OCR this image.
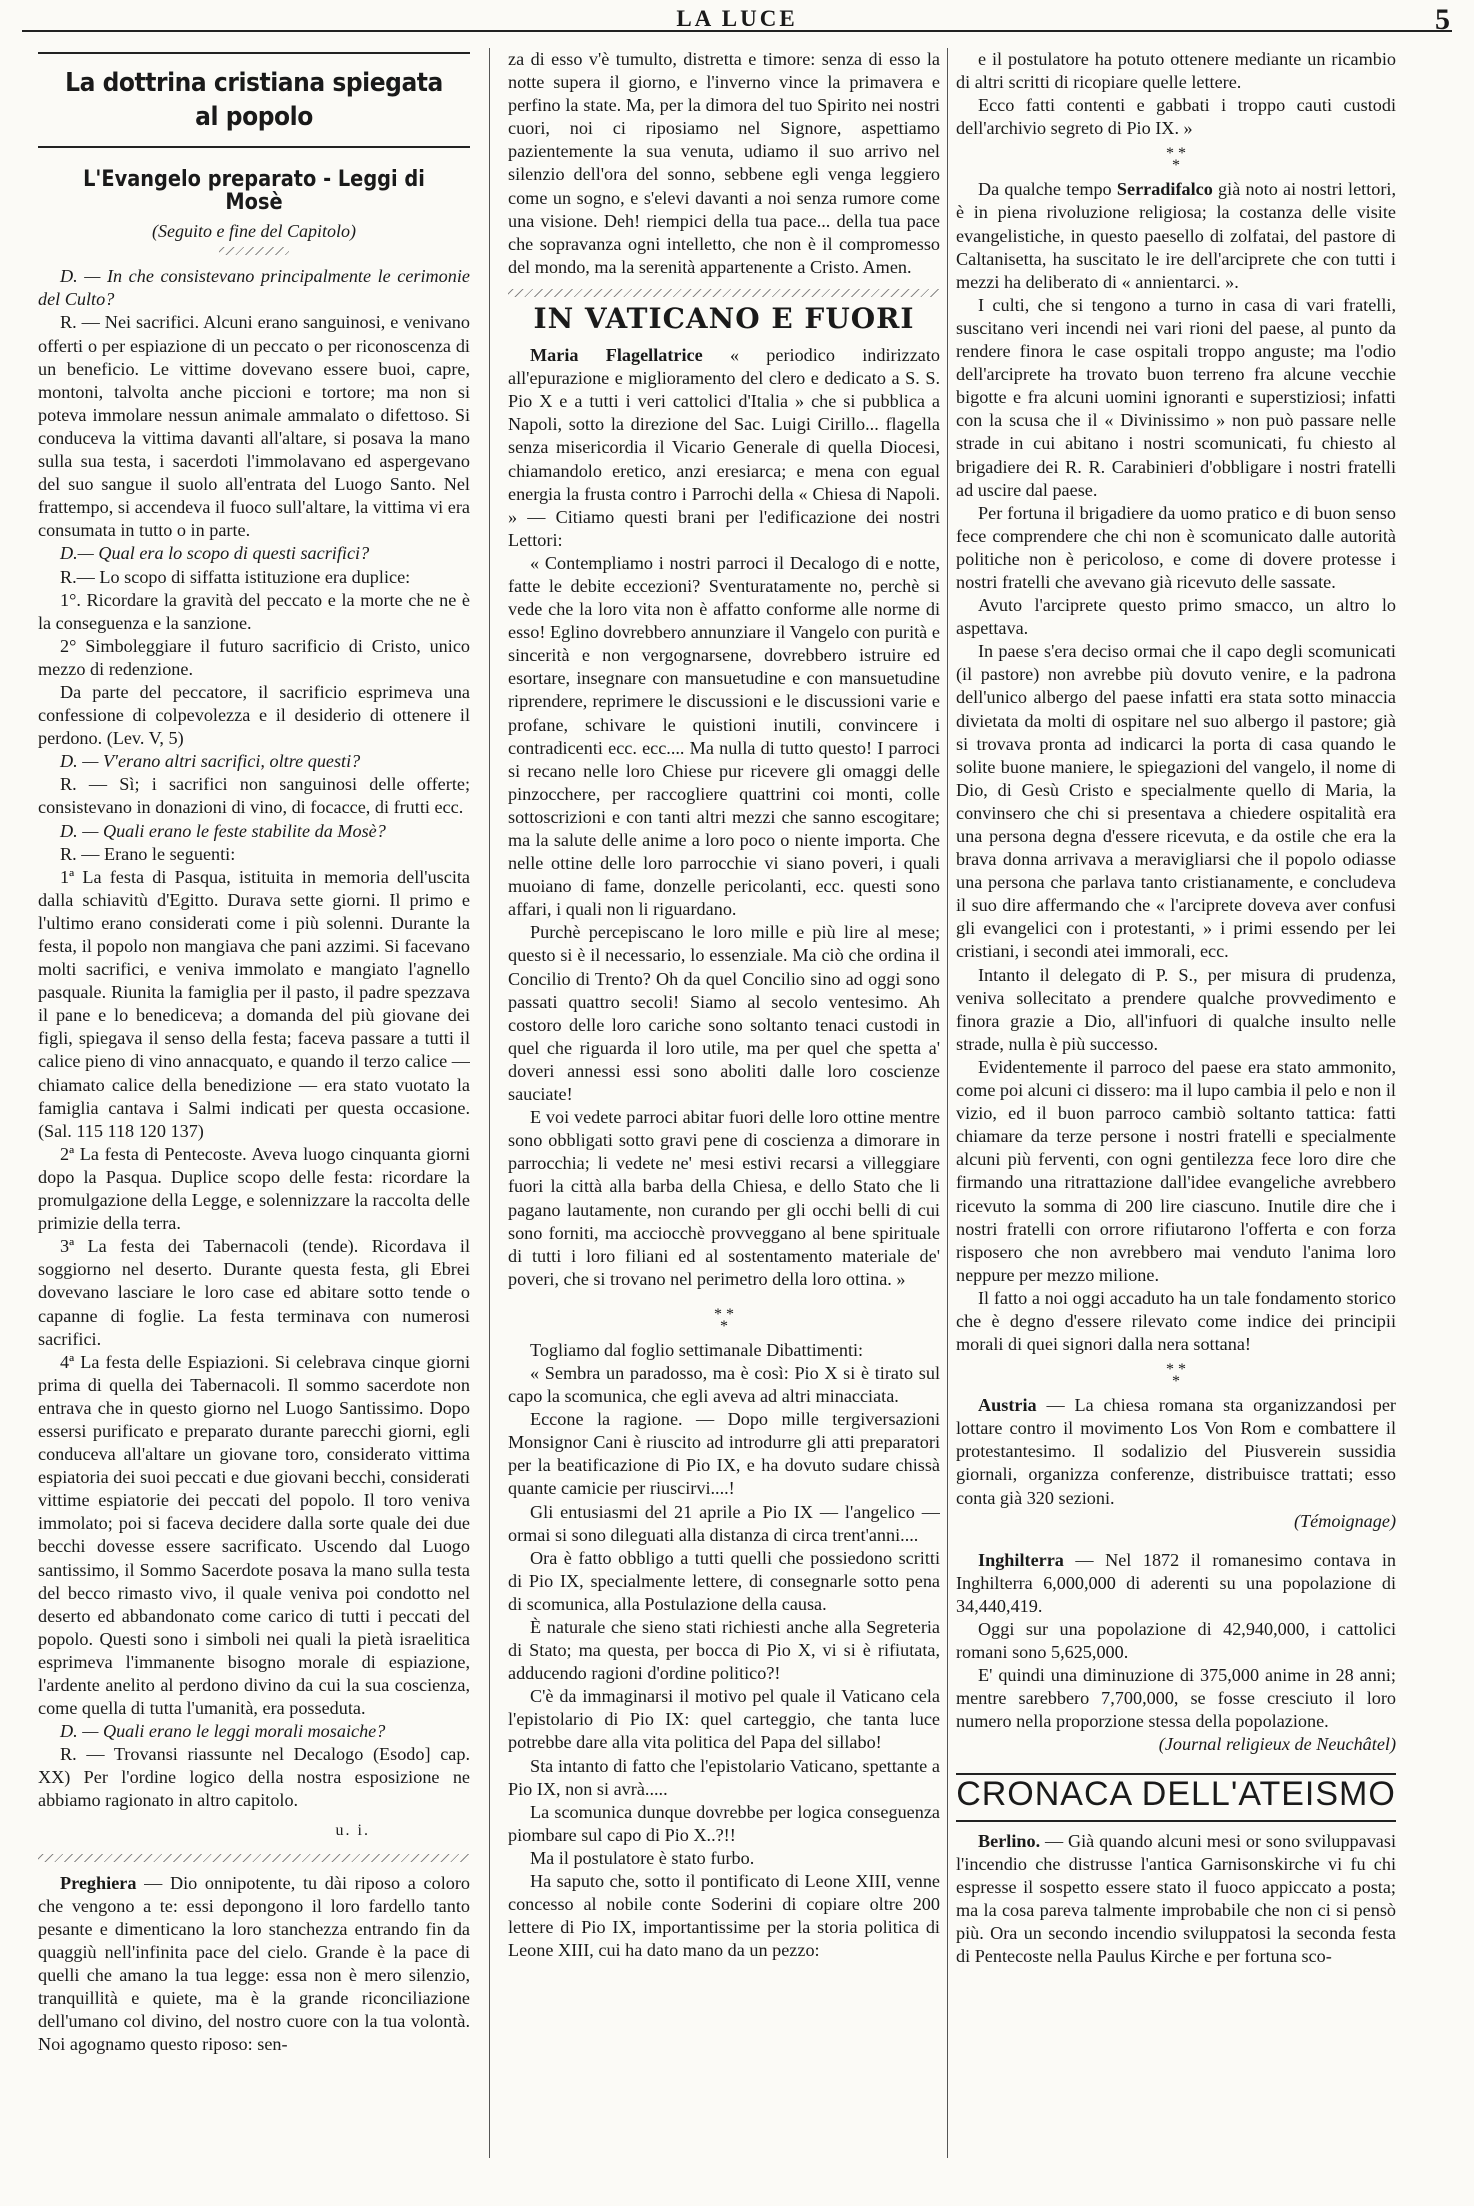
LA LUCE	5
La dottrina cristiana spiegata al popolo
L'Evangelo preparato - Leggi di Mosè
(Seguito e fine del Capitolo)

D. — In che consistevano principalmente le cerimonie del Culto?

R. — Nei sacrifici. Alcuni erano sanguinosi, e venivano offerti o per espiazione di un peccato o per riconoscenza di un beneficio. Le vittime dovevano essere buoi, capre, montoni, talvolta anche piccioni e tortore; ma non si poteva immolare nessun animale ammalato o difettoso. Si conduceva la vittima davanti all'altare, si posava la mano sulla sua testa, i sacerdoti l'immolavano ed aspergevano del suo sangue il suolo all'entrata del Luogo Santo. Nel frattempo, si accendeva il fuoco sull'altare, la vittima vi era consumata in tutto o in parte.

D.— Qual era lo scopo di questi sacrifici?

R.— Lo scopo di siffatta istituzione era duplice:

1°. Ricordare la gravità del peccato e la morte che ne è la conseguenza e la sanzione.

2° Simboleggiare il futuro sacrificio di Cristo, unico mezzo di redenzione.

Da parte del peccatore, il sacrificio esprimeva una confessione di colpevolezza e il desiderio di ottenere il perdono. (Lev. V, 5)

D. — V'erano altri sacrifici, oltre questi?

R. — Sì; i sacrifici non sanguinosi delle offerte; consistevano in donazioni di vino, di focacce, di frutti ecc.

D. — Quali erano le feste stabilite da Mosè?

R. — Erano le seguenti:

1ª La festa di Pasqua, istituita in memoria dell'uscita dalla schiavitù d'Egitto. Durava sette giorni. Il primo e l'ultimo erano considerati come i più solenni. Durante la festa, il popolo non mangiava che pani azzimi. Si facevano molti sacrifici, e veniva immolato e mangiato l'agnello pasquale. Riunita la famiglia per il pasto, il padre spezzava il pane e lo benediceva; a domanda del più giovane dei figli, spiegava il senso della festa; faceva passare a tutti il calice pieno di vino annacquato, e quando il terzo calice — chiamato calice della benedizione — era stato vuotato la famiglia cantava i Salmi indicati per questa occasione. (Sal. 115 118 120 137)

2ª La festa di Pentecoste. Aveva luogo cinquanta giorni dopo la Pasqua. Duplice scopo delle festa: ricordare la promulgazione della Legge, e solennizzare la raccolta delle primizie della terra.

3ª La festa dei Tabernacoli (tende). Ricordava il soggiorno nel deserto. Durante questa festa, gli Ebrei dovevano lasciare le loro case ed abitare sotto tende o capanne di foglie. La festa terminava con numerosi sacrifici.

4ª La festa delle Espiazioni. Si celebrava cinque giorni prima di quella dei Tabernacoli. Il sommo sacerdote non entrava che in questo giorno nel Luogo Santissimo. Dopo essersi purificato e preparato durante parecchi giorni, egli conduceva all'altare un giovane toro, considerato vittima espiatoria dei suoi peccati e due giovani becchi, considerati vittime espiatorie dei peccati del popolo. Il toro veniva immolato; poi si faceva decidere dalla sorte quale dei due becchi dovesse essere sacrificato. Uscendo dal Luogo santissimo, il Sommo Sacerdote posava la mano sulla testa del becco rimasto vivo, il quale veniva poi condotto nel deserto ed abbandonato come carico di tutti i peccati del popolo. Questi sono i simboli nei quali la pietà israelitica esprimeva l'immanente bisogno morale di espiazione, l'ardente anelito al perdono divino da cui la sua coscienza, come quella di tutta l'umanità, era posseduta.

D. — Quali erano le leggi morali mosaiche?

R. — Trovansi riassunte nel Decalogo (Esodo] cap. XX) Per l'ordine logico della nostra esposizione ne abbiamo ragionato in altro capitolo.

u. i.

Preghiera — Dio onnipotente, tu dài riposo a coloro che vengono a te: essi depongono il loro fardello tanto pesante e dimenticano la loro stanchezza entrando fin da quaggiù nell'infinita pace del cielo. Grande è la pace di quelli che amano la tua legge: essa non è mero silenzio, tranquillità e quiete, ma è la grande riconciliazione dell'umano col divino, del nostro cuore con la tua volontà. Noi agognamo questo riposo: sen-

za di esso v'è tumulto, distretta e timore: senza di esso la notte supera il giorno, e l'inverno vince la primavera e perfino la state. Ma, per la dimora del tuo Spirito nei nostri cuori, noi ci riposiamo nel Signore, aspettiamo pazientemente la sua venuta, udiamo il suo arrivo nel silenzio dell'ora del sonno, sebbene egli venga leggiero come un sogno, e s'elevi davanti a noi senza rumore come una visione. Deh! riempici della tua pace... della tua pace che sopravanza ogni intelletto, che non è il compromesso del mondo, ma la serenità appartenente a Cristo. Amen.

IN VATICANO E FUORI

Maria Flagellatrice « periodico indirizzato all'epurazione e miglioramento del clero e dedicato a S. S. Pio X e a tutti i veri cattolici d'Italia » che si pubblica a Napoli, sotto la direzione del Sac. Luigi Cirillo... flagella senza misericordia il Vicario Generale di quella Diocesi, chiamandolo eretico, anzi eresiarca; e mena con egual energia la frusta contro i Parrochi della « Chiesa di Napoli. » — Citiamo questi brani per l'edificazione dei nostri Lettori:

« Contempliamo i nostri parroci il Decalogo di e notte, fatte le debite eccezioni? Sventuratamente no, perchè si vede che la loro vita non è affatto conforme alle norme di esso! Eglino dovrebbero annunziare il Vangelo con purità e sincerità e non vergognarsene, dovrebbero istruire ed esortare, insegnare con mansuetudine e con mansuetudine riprendere, reprimere le discussioni e le discussioni varie e profane, schivare le quistioni inutili, convincere i contradicenti ecc. ecc.... Ma nulla di tutto questo! I parroci si recano nelle loro Chiese pur ricevere gli omaggi delle pinzocchere, per raccogliere quattrini coi monti, colle sottoscrizioni e con tanti altri mezzi che sanno escogitare; ma la salute delle anime a loro poco o niente importa. Che nelle ottine delle loro parrocchie vi siano poveri, i quali muoiano di fame, donzelle pericolanti, ecc. questi sono affari, i quali non li riguardano.

Purchè percepiscano le loro mille e più lire al mese; questo si è il necessario, lo essenziale. Ma ciò che ordina il Concilio di Trento? Oh da quel Concilio sino ad oggi sono passati quattro secoli! Siamo al secolo ventesimo. Ah costoro delle loro cariche sono soltanto tenaci custodi in quel che riguarda il loro utile, ma per quel che spetta a' doveri annessi essi sono aboliti dalle loro coscienze sauciate!

E voi vedete parroci abitar fuori delle loro ottine mentre sono obbligati sotto gravi pene di coscienza a dimorare in parrocchia; li vedete ne' mesi estivi recarsi a villeggiare fuori la città alla barba della Chiesa, e dello Stato che li pagano lautamente, non curando per gli occhi belli di cui sono forniti, ma acciocchè provveggano al bene spirituale di tutti i loro filiani ed al sostentamento materiale de' poveri, che si trovano nel perimetro della loro ottina. »

* *
*

Togliamo dal foglio settimanale Dibattimenti:

« Sembra un paradosso, ma è così: Pio X si è tirato sul capo la scomunica, che egli aveva ad altri minacciata.

Eccone la ragione. — Dopo mille tergiversazioni Monsignor Cani è riuscito ad introdurre gli atti preparatori per la beatificazione di Pio IX, e ha dovuto sudare chissà quante camicie per riuscirvi....!

Gli entusiasmi del 21 aprile a Pio IX — l'angelico — ormai si sono dileguati alla distanza di circa trent'anni....

Ora è fatto obbligo a tutti quelli che possiedono scritti di Pio IX, specialmente lettere, di consegnarle sotto pena di scomunica, alla Postulazione della causa.

È naturale che sieno stati richiesti anche alla Segreteria di Stato; ma questa, per bocca di Pio X, vi si è rifiutata, adducendo ragioni d'ordine politico?!

C'è da immaginarsi il motivo pel quale il Vaticano cela l'epistolario di Pio IX: quel carteggio, che tanta luce potrebbe dare alla vita politica del Papa del sillabo!

Sta intanto di fatto che l'epistolario Vaticano, spettante a Pio IX, non si avrà.....

La scomunica dunque dovrebbe per logica conseguenza piombare sul capo di Pio X..?!!

Ma il postulatore è stato furbo.

Ha saputo che, sotto il pontificato di Leone XIII, venne concesso al nobile conte Soderini di copiare oltre 200 lettere di Pio IX, importantissime per la storia politica di Leone XIII, cui ha dato mano da un pezzo:

e il postulatore ha potuto ottenere mediante un ricambio di altri scritti di ricopiare quelle lettere.

Ecco fatti contenti e gabbati i troppo cauti custodi dell'archivio segreto di Pio IX. »

* *
*

Da qualche tempo Serradifalco già noto ai nostri lettori, è in piena rivoluzione religiosa; la costanza delle visite evangelistiche, in questo paesello di zolfatai, del pastore di Caltanisetta, ha suscitato le ire dell'arciprete che con tutti i mezzi ha deliberato di « annientarci. ».

I culti, che si tengono a turno in casa di vari fratelli, suscitano veri incendi nei vari rioni del paese, al punto da rendere finora le case ospitali troppo anguste; ma l'odio dell'arciprete ha trovato buon terreno fra alcune vecchie bigotte e fra alcuni uomini ignoranti e superstiziosi; infatti con la scusa che il « Divinissimo » non può passare nelle strade in cui abitano i nostri scomunicati, fu chiesto al brigadiere dei R. R. Carabinieri d'obbligare i nostri fratelli ad uscire dal paese.

Per fortuna il brigadiere da uomo pratico e di buon senso fece comprendere che chi non è scomunicato dalle autorità politiche non è pericoloso, e come di dovere protesse i nostri fratelli che avevano già ricevuto delle sassate.

Avuto l'arciprete questo primo smacco, un altro lo aspettava.

In paese s'era deciso ormai che il capo degli scomunicati (il pastore) non avrebbe più dovuto venire, e la padrona dell'unico albergo del paese infatti era stata sotto minaccia divietata da molti di ospitare nel suo albergo il pastore; già si trovava pronta ad indicarci la porta di casa quando le solite buone maniere, le spiegazioni del vangelo, il nome di Dio, di Gesù Cristo e specialmente quello di Maria, la convinsero che chi si presentava a chiedere ospitalità era una persona degna d'essere ricevuta, e da ostile che era la brava donna arrivava a meravigliarsi che il popolo odiasse una persona che parlava tanto cristianamente, e concludeva il suo dire affermando che « l'arciprete doveva aver confusi gli evangelici con i protestanti, » i primi essendo per lei cristiani, i secondi atei immorali, ecc.

Intanto il delegato di P. S., per misura di prudenza, veniva sollecitato a prendere qualche provvedimento e finora grazie a Dio, all'infuori di qualche insulto nelle strade, nulla è più successo.

Evidentemente il parroco del paese era stato ammonito, come poi alcuni ci dissero: ma il lupo cambia il pelo e non il vizio, ed il buon parroco cambiò soltanto tattica: fatti chiamare da terze persone i nostri fratelli e specialmente alcuni più ferventi, con ogni gentilezza fece loro dire che firmando una ritrattazione dall'idee evangeliche avrebbero ricevuto la somma di 200 lire ciascuno. Inutile dire che i nostri fratelli con orrore rifiutarono l'offerta e con forza risposero che non avrebbero mai venduto l'anima loro neppure per mezzo milione.

Il fatto a noi oggi accaduto ha un tale fondamento storico che è degno d'essere rilevato come indice dei principii morali di quei signori dalla nera sottana!

* *
*

Austria — La chiesa romana sta organizzandosi per lottare contro il movimento Los Von Rom e combattere il protestantesimo. Il sodalizio del Piusverein sussidia giornali, organizza conferenze, distribuisce trattati; esso conta già 320 sezioni.

(Témoignage)

Inghilterra — Nel 1872 il romanesimo contava in Inghilterra 6,000,000 di aderenti su una popolazione di 34,440,419.

Oggi sur una popolazione di 42,940,000, i cattolici romani sono 5,625,000.

E' quindi una diminuzione di 375,000 anime in 28 anni; mentre sarebbero 7,700,000, se fosse cresciuto il loro numero nella proporzione stessa della popolazione.

(Journal religieux de Neuchâtel)
CRONACA DELL'ATEISMO

Berlino. — Già quando alcuni mesi or sono sviluppavasi l'incendio che distrusse l'antica Garnisonskirche vi fu chi espresse il sospetto essere stato il fuoco appiccato a posta; ma la cosa pareva talmente improbabile che non ci si pensò più. Ora un secondo incendio sviluppatosi la seconda festa di Pentecoste nella Paulus Kirche e per fortuna sco-
